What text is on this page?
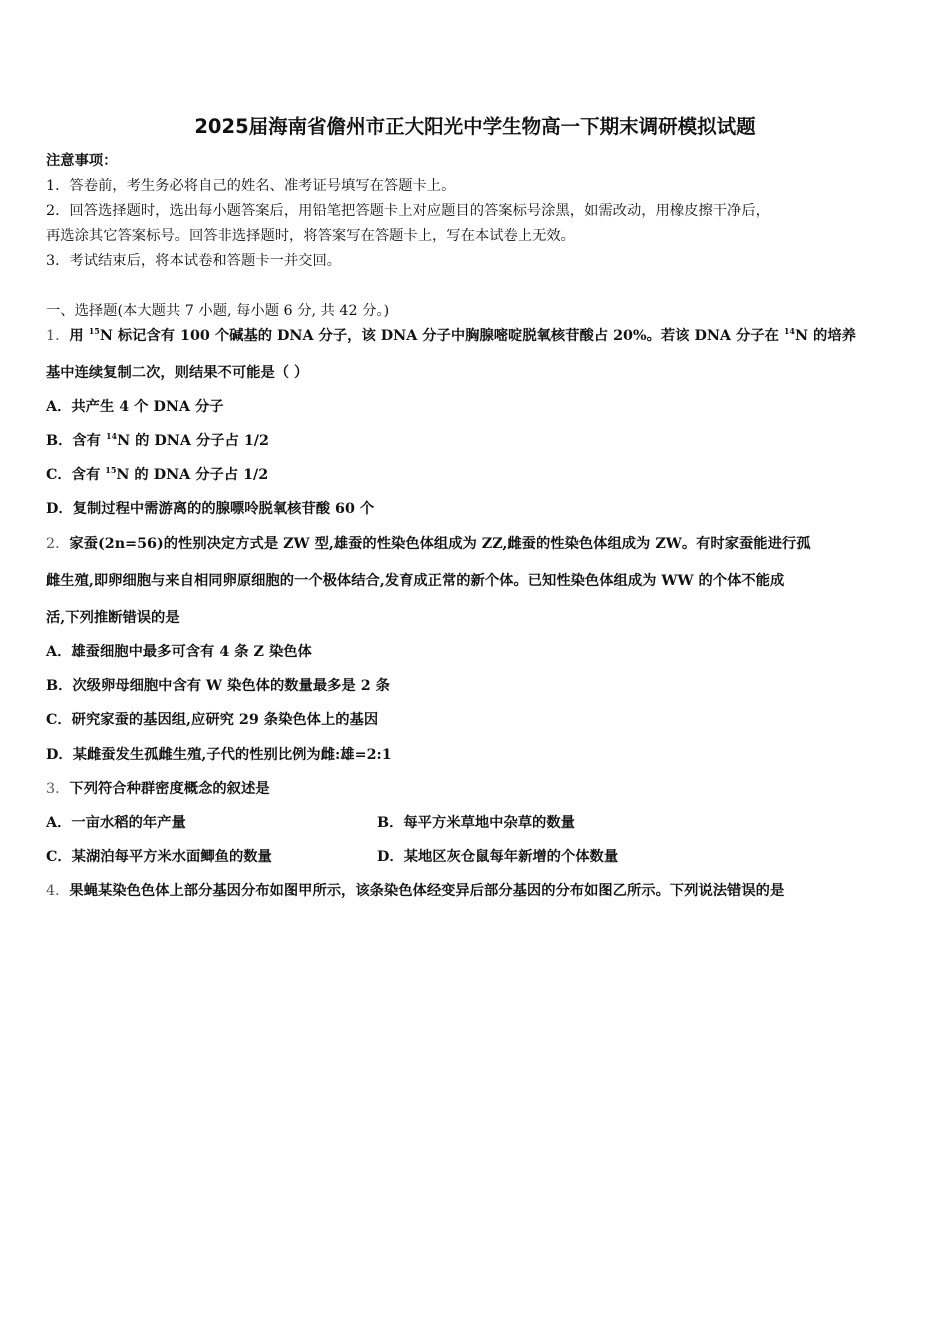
2025届海南省儋州市正大阳光中学生物高一下期末调研模拟试题
注意事项：
1．答卷前，考生务必将自己的姓名、准考证号填写在答题卡上。
2．回答选择题时，选出每小题答案后，用铅笔把答题卡上对应题目的答案标号涂黑，如需改动，用橡皮擦干净后，
再选涂其它答案标号。回答非选择题时，将答案写在答题卡上，写在本试卷上无效。
3．考试结束后，将本试卷和答题卡一并交回。
一、选择题(本大题共 7 小题, 每小题 6 分, 共 42 分。)
1．用 $^{15}$N 标记含有 100 个碱基的 DNA 分子，该 DNA 分子中胸腺嘧啶脱氧核苷酸占 20%。若该 DNA 分子在 $^{14}$N 的培养
基中连续复制二次，则结果不可能是（ ）
A．共产生 4 个 DNA 分子
B．含有 $^{14}$N 的 DNA 分子占 1/2
C．含有 $^{15}$N 的 DNA 分子占 1/2
D．复制过程中需游离的的腺嘌呤脱氧核苷酸 60 个
2．家蚕(2n=56)的性别决定方式是 ZW 型,雄蚕的性染色体组成为 ZZ,雌蚕的性染色体组成为 ZW。有时家蚕能进行孤
雌生殖,即卵细胞与来自相同卵原细胞的一个极体结合,发育成正常的新个体。已知性染色体组成为 WW 的个体不能成
活,下列推断错误的是
A．雄蚕细胞中最多可含有 4 条 Z 染色体
B．次级卵母细胞中含有 W 染色体的数量最多是 2 条
C．研究家蚕的基因组,应研究 29 条染色体上的基因
D．某雌蚕发生孤雌生殖,子代的性别比例为雌:雄=2:1
3．下列符合种群密度概念的叙述是
A．一亩水稻的年产量	B．每平方米草地中杂草的数量
C．某湖泊每平方米水面鲫鱼的数量	D．某地区灰仓鼠每年新增的个体数量
4．果蝇某染色色体上部分基因分布如图甲所示，该条染色体经变异后部分基因的分布如图乙所示。下列说法错误的是
